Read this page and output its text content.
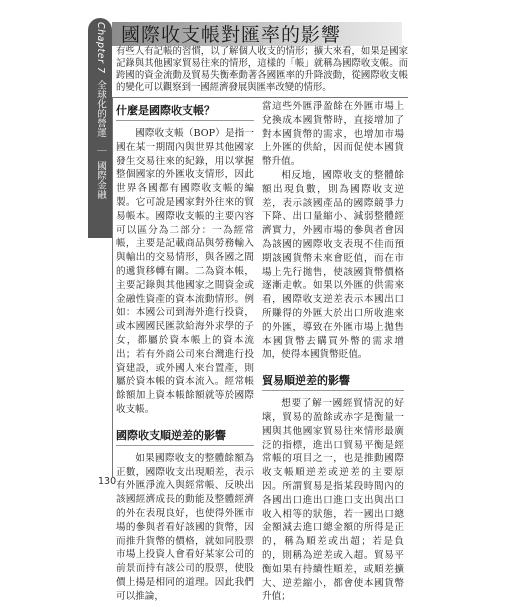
Chapter 7 全球化的營運 ｜ 國際金融
國際收支帳對匯率的影響
有些人有記帳的習慣，以了解個人收支的情形；擴大來看，如果是國家記錄與其他國家貿易往來的情形，這樣的「帳」就稱為國際收支帳。而跨國的資金流動及貿易失衡牽動著各國匯率的升降波動，從國際收支帳的變化可以觀察到一國經濟發展與匯率改變的情形。
什麼是國際收支帳？

國際收支帳（BOP）是指一國在某一期間內與世界其他國家發生交易往來的紀錄，用以掌握整個國家的外匯收支情形，因此世界各國都有國際收支帳的編製。它可說是國家對外往來的貿易帳本。國際收支帳的主要內容可以區分為二部分：一為經常帳，主要是記載商品與勞務輸入與輸出的交易情形，與各國之間的遞貨移轉有關。二為資本帳，主要記錄與其他國家之間資金或金融性資產的資本流動情形。例如：本國公司到海外進行投資，或本國國民匯款給海外求學的子女，都屬於資本帳上的資本流出；若有外商公司來台灣進行投資建設，或外國人來台置產，則屬於資本帳的資本流入。經常帳餘額加上資本帳餘額就等於國際收支帳。

國際收支順逆差的影響

如果國際收支的整體餘額為正數，國際收支出現順差，表示有外匯淨流入與經常帳、反映出該國經濟成長的動能及整體經濟的外在表現良好，也使得外匯市場的參與者看好該國的貨幣，因而推升貨幣的價格，就如同股票市場上投資人會看好某家公司的前景而持有該公司的股票，使股價上揚是相同的道理。因此我們可以推論，

當這些外匯淨盈餘在外匯市場上兌換成本國貨幣時，直接增加了對本國貨幣的需求，也增加市場上外匯的供給，因而促使本國貨幣升值。

相反地，國際收支的整體餘額出現負數，則為國際收支逆差，表示該國產品的國際競爭力下降、出口量縮小、減弱整體經濟實力，外國市場的參與者會因為該國的國際收支表現不佳而預期該國貨幣未來會貶值，而在市場上先行拋售，使該國貨幣價格逐漸走軟。如果以外匯的供需來看，國際收支逆差表示本國出口所賺得的外匯大於出口所收進來的外匯，導致在外匯市場上拋售本國貨幣去購買外幣的需求增加，使得本國貨幣貶值。

貿易順逆差的影響

想要了解一國經貿情況的好壞，貿易的盈餘或赤字是衡量一國與其他國家貿易往來情形最廣泛的指標，進出口貿易平衡是經常帳的項目之一，也是推動國際收支帳順逆差或逆差的主要原因。所謂貿易是指某段時間內的各國出口進出口進口支出與出口收入相等的狀態，若一國出口總金額減去進口總金額的所得是正的，稱為順差或出超；若是負的，則稱為逆差或入超。貿易平衡如果有持續性順差，或順差擴大、逆差縮小，都會使本國貨幣升值；

130
